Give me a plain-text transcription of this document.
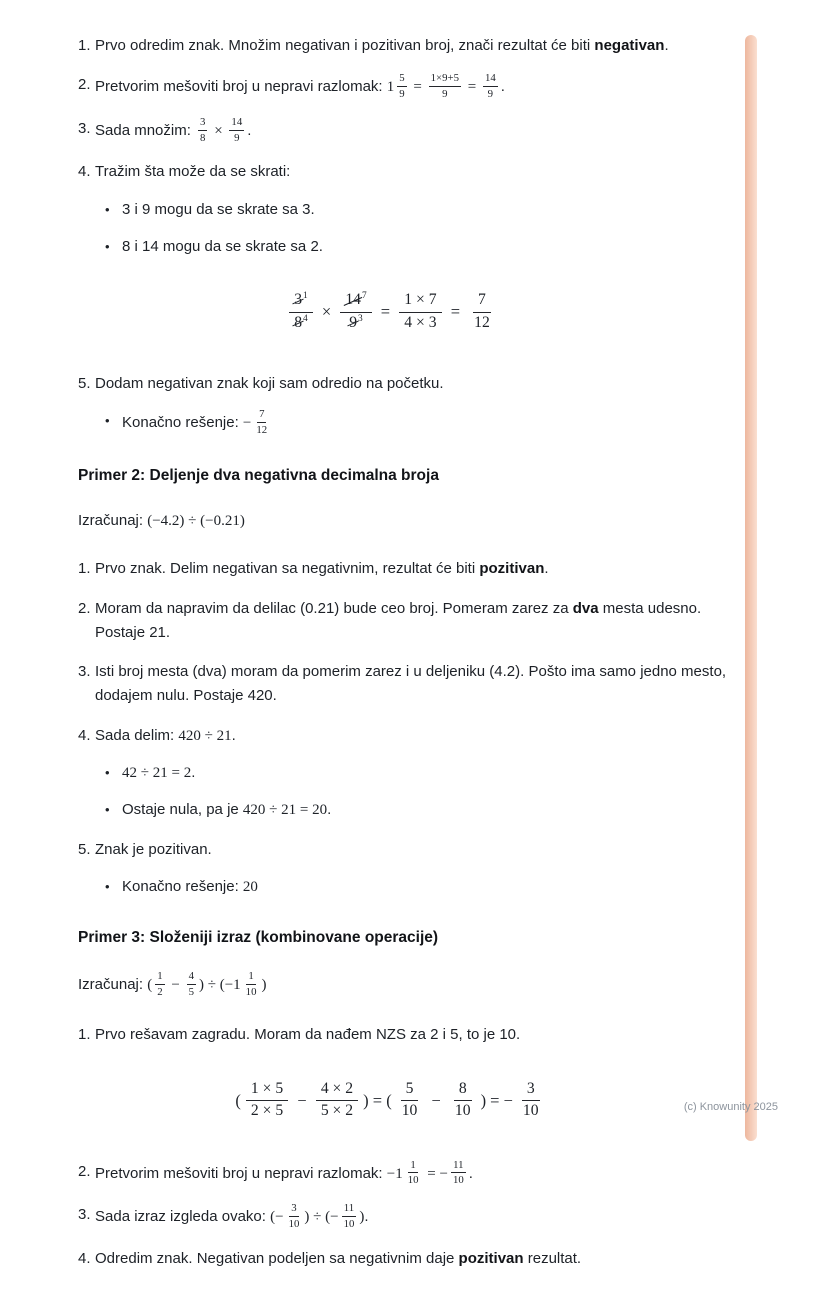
1. Prvo odredim znak. Množim negativan i pozitivan broj, znači rezultat će biti negativan.
2. Pretvorim mešoviti broj u nepravi razlomak: $1 \frac{5}{9} = \frac{1\times 9+5}{9} = \frac{14}{9}$ .
3. Sada množim: $\frac{3}{8} \times \frac{14}{9}$ .
4. Tražim šta može da se skrati:
• 3 i 9 mogu da se skrate sa 3.
• 8 i 14 mogu da se skrate sa 2.
$\frac{3^1}{8^4} \times \frac{14^7}{9^3} = \frac{1 \times 7}{4 \times 3} = \frac{7}{12}$
5. Dodam negativan znak koji sam odredio na početku.
• Konačno rešenje: − $\frac{7}{12}$
Primer 2: Deljenje dva negativna decimalna broja

Izračunaj: (−4.2) ÷ (−0.21)

1. Prvo znak. Delim negativan sa negativnim, rezultat će biti pozitivan.
2. Moram da napravim da delilac (0.21) bude ceo broj. Pomeram zarez za dva mesta udesno. Postaje 21.
3. Isti broj mesta (dva) moram da pomerim zarez i u deljeniku (4.2). Pošto ima samo jedno mesto, dodajem nulu. Postaje 420.
4. Sada delim: 420 ÷ 21.
• 42 ÷ 21 = 2.
• Ostaje nula, pa je 420 ÷ 21 = 20.
5. Znak je pozitivan.
• Konačno rešenje: 20
Primer 3: Složeniji izraz (kombinovane operacije)

Izračunaj: ( $\frac{1}{2} - \frac{4}{5}$ ) ÷ ($-1 \frac{1}{10}$ )

1. Prvo rešavam zagradu. Moram da nađem NZS za 2 i 5, to je 10.
( $\frac{1 \times 5}{2 \times 5} - \frac{4 \times 2}{5 \times 2}$ ) = ( $\frac{5}{10} - \frac{8}{10}$ ) = − $\frac{3}{10}$
2. Pretvorim mešoviti broj u nepravi razlomak: $-1 \frac{1}{10}$ = − $\frac{11}{10}$ .
3. Sada izraz izgleda ovako: (− $\frac{3}{10}$ ) ÷ (− $\frac{11}{10}$ ).
4. Odredim znak. Negativan podeljen sa negativnim daje pozitivan rezultat.
(c) Knowunity 2025
